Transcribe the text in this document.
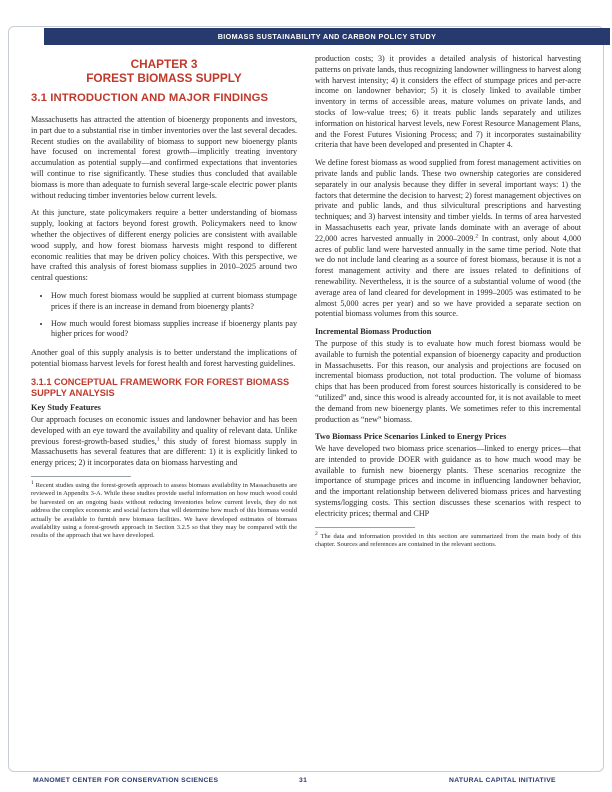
BIOMASS SUSTAINABILITY AND CARBON POLICY STUDY
CHAPTER 3
FOREST BIOMASS SUPPLY
3.1 INTRODUCTION AND MAJOR FINDINGS

Massachusetts has attracted the attention of bioenergy proponents and investors, in part due to a substantial rise in timber inventories over the last several decades. Recent studies on the availability of biomass to support new bioenergy plants have focused on incremental forest growth—implicitly treating inventory accumulation as potential supply—and confirmed expectations that inventories will continue to rise significantly. These studies thus concluded that available biomass is more than adequate to furnish several large-scale electric power plants without reducing timber inventories below current levels.

At this juncture, state policymakers require a better understanding of biomass supply, looking at factors beyond forest growth. Policymakers need to know whether the objectives of different energy policies are consistent with available wood supply, and how forest biomass harvests might respond to different economic realities that may be driven policy choices. With this perspective, we have crafted this analysis of forest biomass supplies in 2010–2025 around two central questions:

• How much forest biomass would be supplied at current biomass stumpage prices if there is an increase in demand from bioenergy plants?
• How much would forest biomass supplies increase if bioenergy plants pay higher prices for wood?

Another goal of this supply analysis is to better understand the implications of potential biomass harvest levels for forest health and forest harvesting guidelines.

3.1.1 CONCEPTUAL FRAMEWORK FOR FOREST BIOMASS SUPPLY ANALYSIS
Key Study Features

Our approach focuses on economic issues and landowner behavior and has been developed with an eye toward the availability and quality of relevant data. Unlike previous forest-growth-based studies,$^1$ this study of forest biomass supply in Massachusetts has several features that are different: 1) it is explicitly linked to energy prices; 2) it incorporates data on biomass harvesting and

$^1$ Recent studies using the forest-growth approach to assess biomass availability in Massachusetts are reviewed in Appendix 3-A. While these studies provide useful information on how much wood could be harvested on an ongoing basis without reducing inventories below current levels, they do not address the complex economic and social factors that will determine how much of this biomass would actually be available to furnish new biomass facilities. We have developed estimates of biomass availability using a forest-growth approach in Section 3.2.5 so that they may be compared with the results of the approach that we have developed.

production costs; 3) it provides a detailed analysis of historical harvesting patterns on private lands, thus recognizing landowner willingness to harvest along with harvest intensity; 4) it considers the effect of stumpage prices and per-acre income on landowner behavior; 5) it is closely linked to available timber inventory in terms of accessible areas, mature volumes on private lands, and stocks of low-value trees; 6) it treats public lands separately and utilizes information on historical harvest levels, new Forest Resource Management Plans, and the Forest Futures Visioning Process; and 7) it incorporates sustainability criteria that have been developed and presented in Chapter 4.

We define forest biomass as wood supplied from forest management activities on private lands and public lands. These two ownership categories are considered separately in our analysis because they differ in several important ways: 1) the factors that determine the decision to harvest; 2) forest management objectives on private and public lands, and thus silvicultural prescriptions and harvesting techniques; and 3) harvest intensity and timber yields. In terms of area harvested in Massachusetts each year, private lands dominate with an average of about 22,000 acres harvested annually in 2000–2009.$^2$ In contrast, only about 4,000 acres of public land were harvested annually in the same time period. Note that we do not include land clearing as a source of forest biomass, because it is not a forest management activity and there are issues related to definitions of renewability. Nevertheless, it is the source of a substantial volume of wood (the average area of land cleared for development in 1999–2005 was estimated to be almost 5,000 acres per year) and so we have provided a separate section on potential biomass volumes from this source.

Incremental Biomass Production

The purpose of this study is to evaluate how much forest biomass would be available to furnish the potential expansion of bioenergy capacity and production in Massachusetts. For this reason, our analysis and projections are focused on incremental biomass production, not total production. The volume of biomass chips that has been produced from forest sources historically is considered to be “utilized” and, since this wood is already accounted for, it is not available to meet the demand from new bioenergy plants. We sometimes refer to this incremental production as “new” biomass.

Two Biomass Price Scenarios Linked to Energy Prices

We have developed two biomass price scenarios—linked to energy prices—that are intended to provide DOER with guidance as to how much wood may be available to furnish new bioenergy plants. These scenarios recognize the importance of stumpage prices and income in influencing landowner behavior, and the important relationship between delivered biomass prices and harvesting systems/logging costs. This section discusses these scenarios with respect to electricity prices; thermal and CHP

$^2$ The data and information provided in this section are summarized from the main body of this chapter. Sources and references are contained in the relevant sections.

MANOMET CENTER FOR CONSERVATION SCIENCES	31	NATURAL CAPITAL INITIATIVE
